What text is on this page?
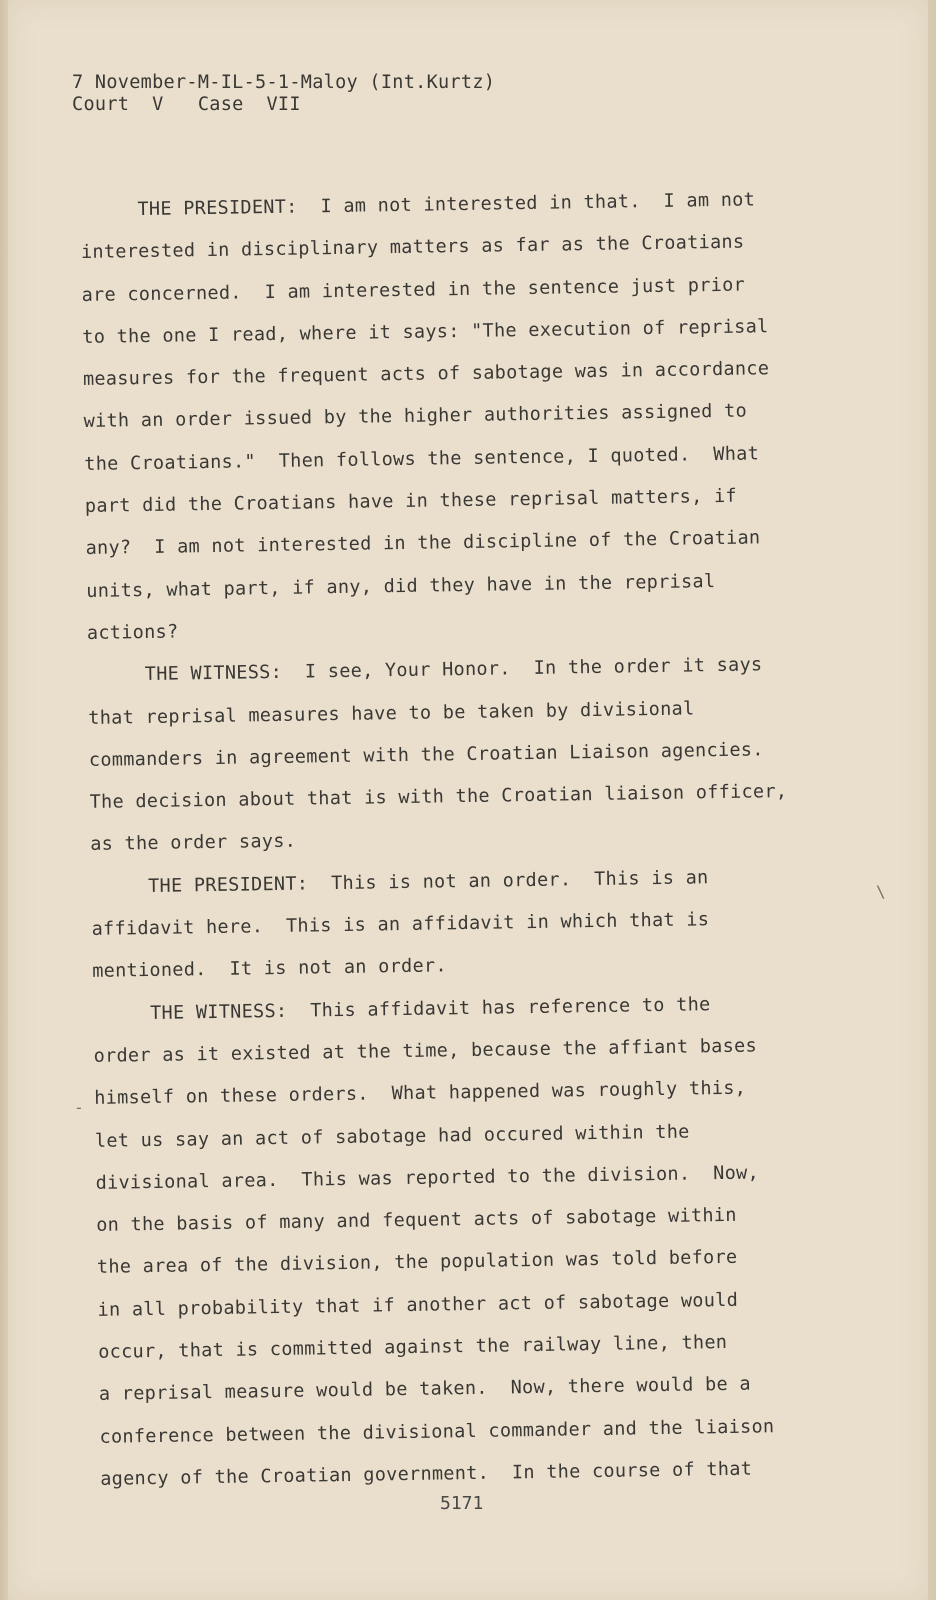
7 November-M-IL-5-1-Maloy (Int.Kurtz)
Court  V   Case  VII
THE PRESIDENT:  I am not interested in that.  I am not
interested in disciplinary matters as far as the Croatians
are concerned.  I am interested in the sentence just prior
to the one I read, where it says: "The execution of reprisal
measures for the frequent acts of sabotage was in accordance
with an order issued by the higher authorities assigned to
the Croatians."  Then follows the sentence, I quoted.  What
part did the Croatians have in these reprisal matters, if
any?  I am not interested in the discipline of the Croatian
units, what part, if any, did they have in the reprisal
actions?
THE WITNESS:  I see, Your Honor.  In the order it says
that reprisal measures have to be taken by divisional
commanders in agreement with the Croatian Liaison agencies.
The decision about that is with the Croatian liaison officer,
as the order says.
THE PRESIDENT:  This is not an order.  This is an
affidavit here.  This is an affidavit in which that is
mentioned.  It is not an order.
THE WITNESS:  This affidavit has reference to the
order as it existed at the time, because the affiant bases
himself on these orders.  What happened was roughly this,
let us say an act of sabotage had occured within the
divisional area.  This was reported to the division.  Now,
on the basis of many and fequent acts of sabotage within
the area of the division, the population was told before
in all probability that if another act of sabotage would
occur, that is committed against the railway line, then
a reprisal measure would be taken.  Now, there would be a
conference between the divisional commander and the liaison
agency of the Croatian government.  In the course of that
5171
-
\
